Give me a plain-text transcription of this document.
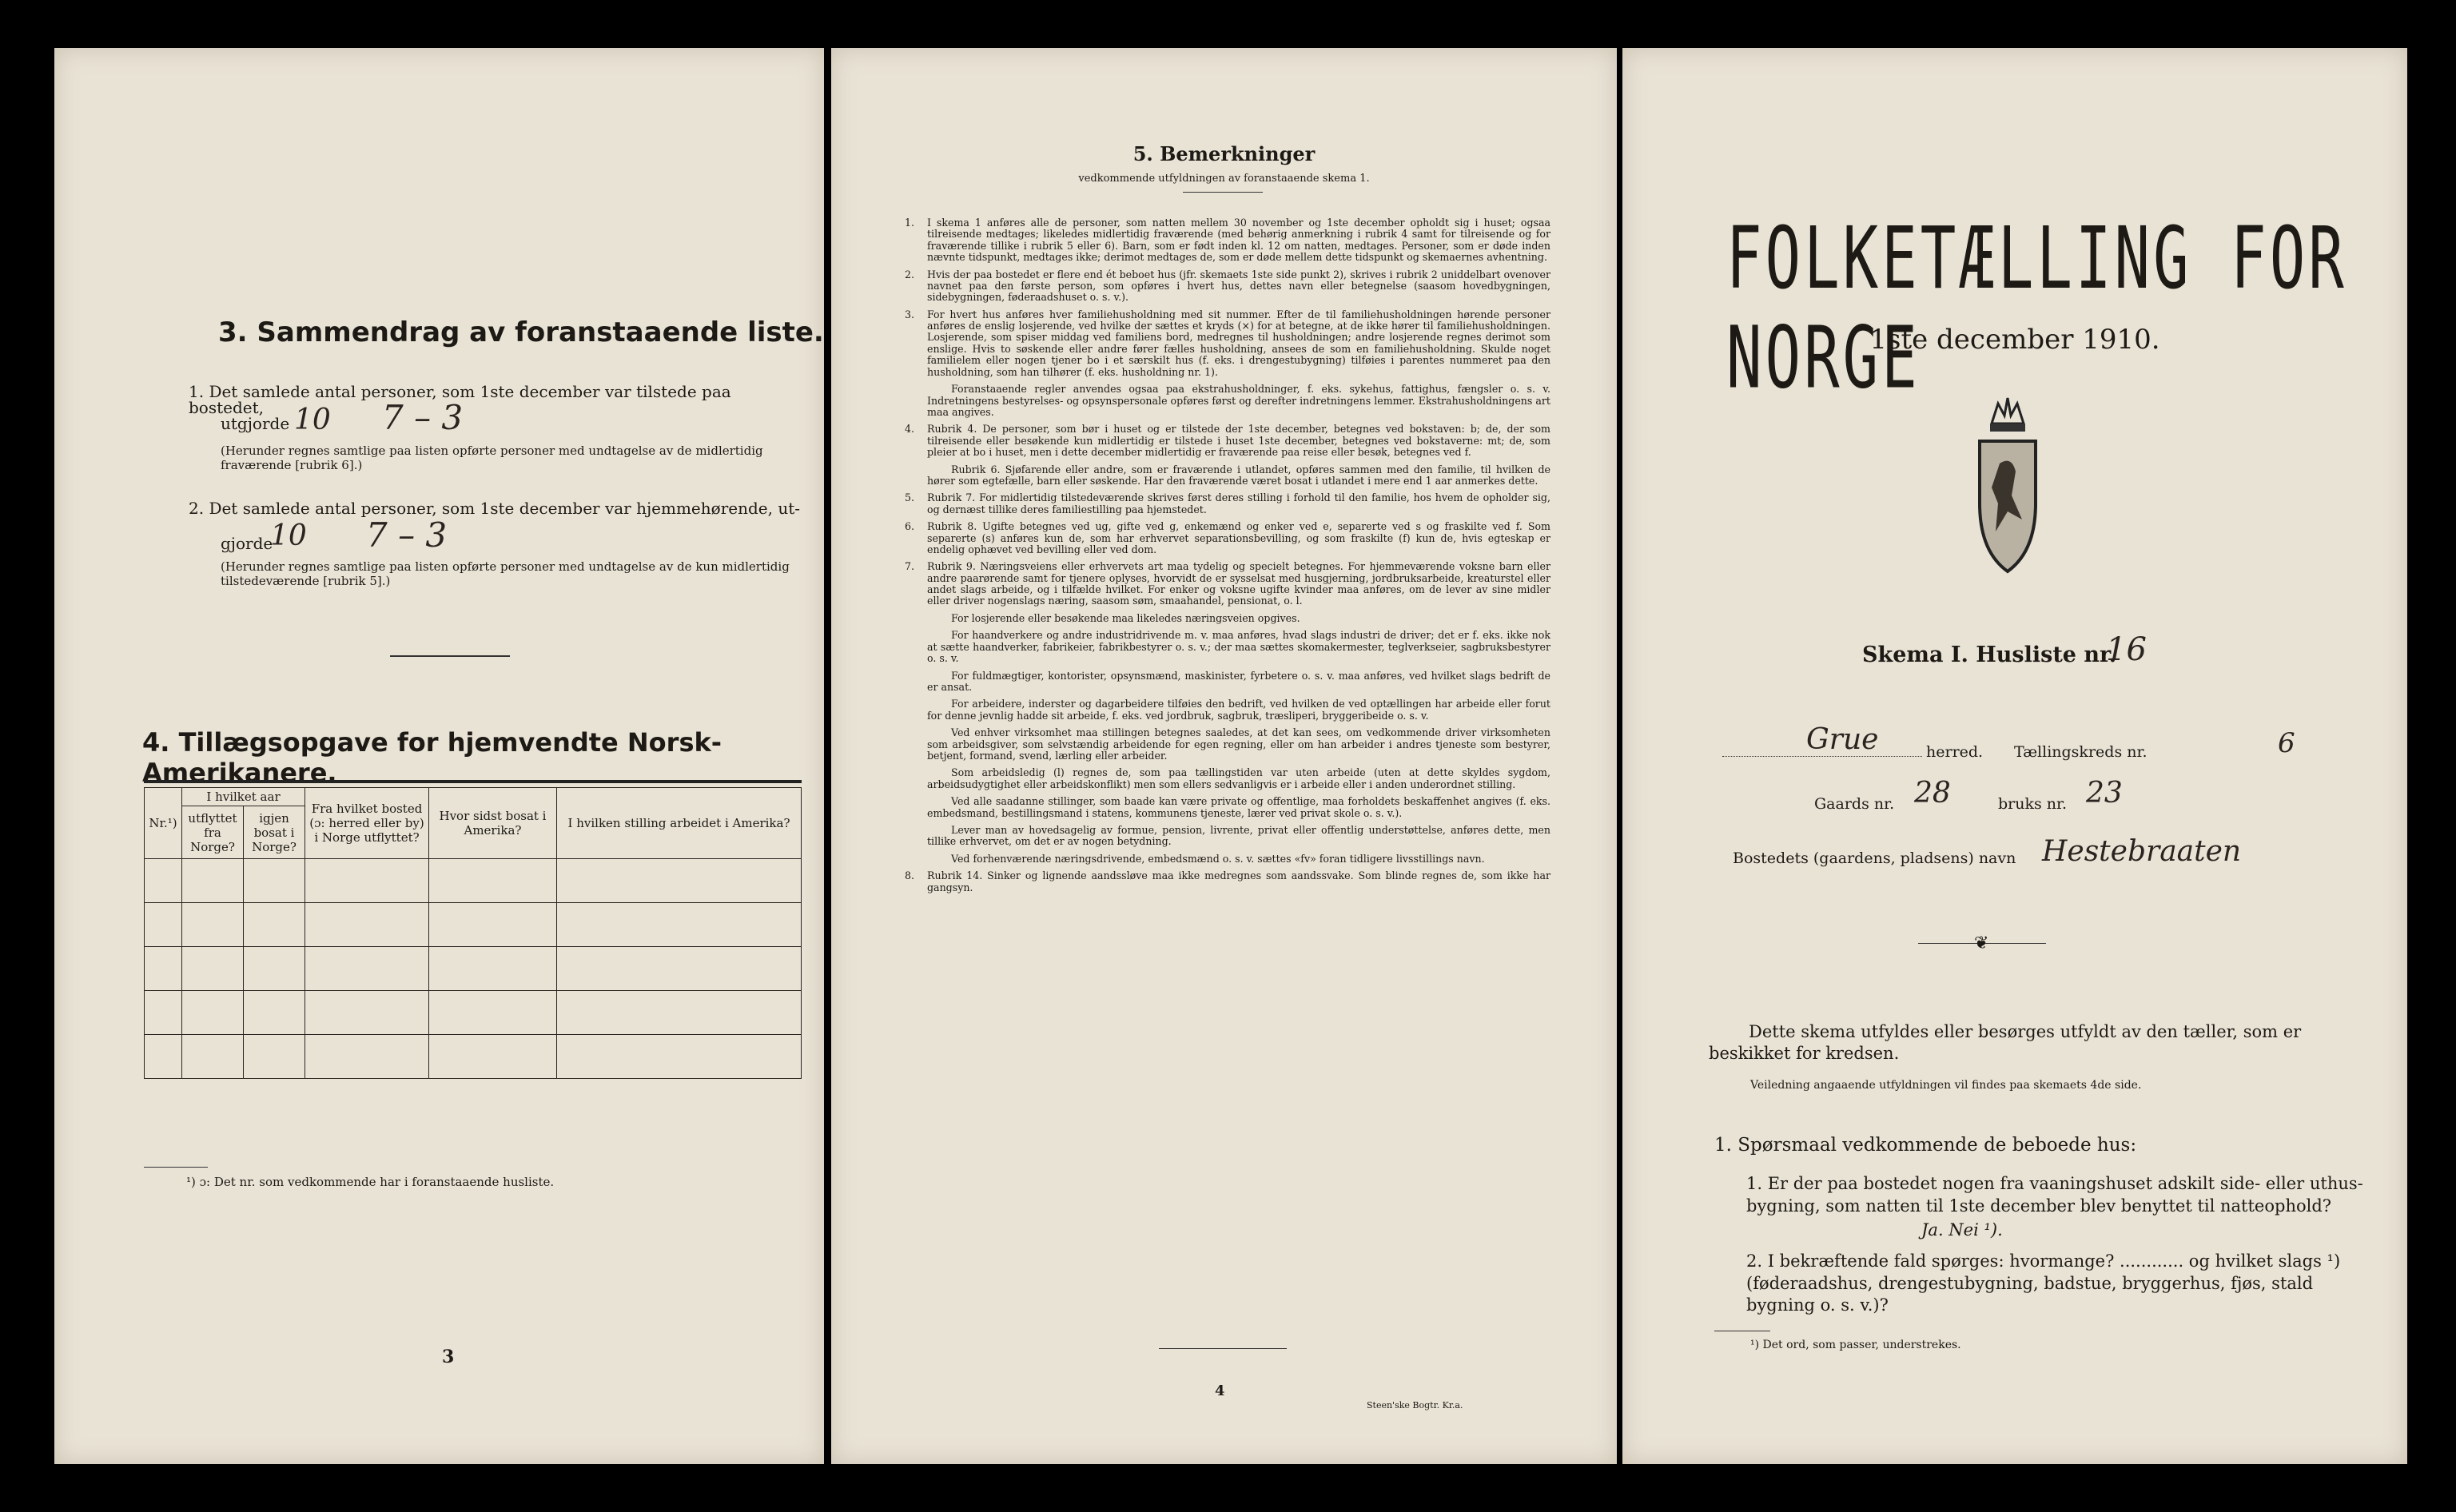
3. Sammendrag av foranstaaende liste.
1. Det samlede antal personer, som 1ste december var tilstede paa bostedet,
utgjorde 10 7 – 3
(Herunder regnes samtlige paa listen opførte personer med undtagelse av de midlertidig fraværende [rubrik 6].)
2. Det samlede antal personer, som 1ste december var hjemmehørende, ut-
gjorde
10 7 – 3
(Herunder regnes samtlige paa listen opførte personer med undtagelse av de kun midlertidig tilstedeværende [rubrik 5].)
4. Tillægsopgave for hjemvendte Norsk-Amerikanere.
Nr.¹)	I hvilket aar		Fra hvilket bosted (ɔ: herred eller by) i Norge utflyttet?	Hvor sidst bosat i Amerika?	I hvilken stilling arbeidet i Amerika?
	utflyttet fra Norge?	igjen bosat i Norge?			

¹) ɔ: Det nr. som vedkommende har i foranstaaende husliste.
3
5. Bemerkninger
vedkommende utfyldningen av foranstaaende skema 1.
1. I skema 1 anføres alle de personer, som natten mellem 30 november og 1ste december opholdt sig i huset; ogsaa tilreisende medtages; likeledes midlertidig fraværende (med behørig anmerkning i rubrik 4 samt for tilreisende og for fraværende tillike i rubrik 5 eller 6). Barn, som er født inden kl. 12 om natten, medtages. Personer, som er døde inden nævnte tidspunkt, medtages ikke; derimot medtages de, som er døde mellem dette tidspunkt og skemaernes avhentning.

2. Hvis der paa bostedet er flere end ét beboet hus (jfr. skemaets 1ste side punkt 2), skrives i rubrik 2 uniddelbart ovenover navnet paa den første person, som opføres i hvert hus, dettes navn eller betegnelse (saasom hovedbygningen, sidebygningen, føderaadshuset o. s. v.).

3. For hvert hus anføres hver familiehusholdning med sit nummer. Efter de til familiehusholdningen hørende personer anføres de enslig losjerende, ved hvilke der sættes et kryds (×) for at betegne, at de ikke hører til familiehusholdningen. Losjerende, som spiser middag ved familiens bord, medregnes til husholdningen; andre losjerende regnes derimot som enslige. Hvis to søskende eller andre fører fælles husholdning, ansees de som en familiehusholdning. Skulde noget familielem eller nogen tjener bo i et særskilt hus (f. eks. i drengestubygning) tilføies i parentes nummeret paa den husholdning, som han tilhører (f. eks. husholdning nr. 1).

Foranstaaende regler anvendes ogsaa paa ekstrahusholdninger, f. eks. sykehus, fattighus, fængsler o. s. v. Indretningens bestyrelses- og opsynspersonale opføres først og derefter indretningens lemmer. Ekstrahusholdningens art maa angives.

4. Rubrik 4. De personer, som bør i huset og er tilstede der 1ste december, betegnes ved bokstaven: b; de, der som tilreisende eller besøkende kun midlertidig er tilstede i huset 1ste december, betegnes ved bokstaverne: mt; de, som pleier at bo i huset, men i dette december midlertidig er fraværende paa reise eller besøk, betegnes ved f.

Rubrik 6. Sjøfarende eller andre, som er fraværende i utlandet, opføres sammen med den familie, til hvilken de hører som egtefælle, barn eller søskende. Har den fraværende været bosat i utlandet i mere end 1 aar anmerkes dette.

5. Rubrik 7. For midlertidig tilstedeværende skrives først deres stilling i forhold til den familie, hos hvem de opholder sig, og dernæst tillike deres familiestilling paa hjemstedet.

6. Rubrik 8. Ugifte betegnes ved ug, gifte ved g, enkemænd og enker ved e, separerte ved s og fraskilte ved f. Som separerte (s) anføres kun de, som har erhvervet separationsbevilling, og som fraskilte (f) kun de, hvis egteskap er endelig ophævet ved bevilling eller ved dom.

7. Rubrik 9. Næringsveiens eller erhvervets art maa tydelig og specielt betegnes. For hjemmeværende voksne barn eller andre paarørende samt for tjenere oplyses, hvorvidt de er sysselsat med husgjerning, jordbruksarbeide, kreaturstel eller andet slags arbeide, og i tilfælde hvilket. For enker og voksne ugifte kvinder maa anføres, om de lever av sine midler eller driver nogenslags næring, saasom søm, smaahandel, pensionat, o. l.

For losjerende eller besøkende maa likeledes næringsveien opgives.

For haandverkere og andre industridrivende m. v. maa anføres, hvad slags industri de driver; det er f. eks. ikke nok at sætte haandverker, fabrikeier, fabrikbestyrer o. s. v.; der maa sættes skomakermester, teglverkseier, sagbruksbestyrer o. s. v.

For fuldmægtiger, kontorister, opsynsmænd, maskinister, fyrbetere o. s. v. maa anføres, ved hvilket slags bedrift de er ansat.

For arbeidere, inderster og dagarbeidere tilføies den bedrift, ved hvilken de ved optællingen har arbeide eller forut for denne jevnlig hadde sit arbeide, f. eks. ved jordbruk, sagbruk, træsliperi, bryggeribeide o. s. v.

Ved enhver virksomhet maa stillingen betegnes saaledes, at det kan sees, om vedkommende driver virksomheten som arbeidsgiver, som selvstændig arbeidende for egen regning, eller om han arbeider i andres tjeneste som bestyrer, betjent, formand, svend, lærling eller arbeider.

Som arbeidsledig (l) regnes de, som paa tællingstiden var uten arbeide (uten at dette skyldes sygdom, arbeidsudygtighet eller arbeidskonflikt) men som ellers sedvanligvis er i arbeide eller i anden underordnet stilling.

Ved alle saadanne stillinger, som baade kan være private og offentlige, maa forholdets beskaffenhet angives (f. eks. embedsmand, bestillingsmand i statens, kommunens tjeneste, lærer ved privat skole o. s. v.).

Lever man av hovedsagelig av formue, pension, livrente, privat eller offentlig understøttelse, anføres dette, men tillike erhvervet, om det er av nogen betydning.

Ved forhenværende næringsdrivende, embedsmænd o. s. v. sættes «fv» foran tidligere livsstillings navn.

8. Rubrik 14. Sinker og lignende aandssløve maa ikke medregnes som aandssvake. Som blinde regnes de, som ikke har gangsyn.

4
Steen'ske Bogtr. Kr.a.
FOLKETÆLLING FOR NORGE
1ste december 1910.
Skema I. Husliste nr.
16
Grue	herred. Tællingskreds nr.	6
Gaards nr. 28	bruks nr. 23
Bostedets (gaardens, pladsens) navn Hestebraaten
❦
Dette skema utfyldes eller besørges utfyldt av den tæller, som er beskikket for kredsen.
Veiledning angaaende utfyldningen vil findes paa skemaets 4de side.
1. Spørsmaal vedkommende de beboede hus:
1. Er der paa bostedet nogen fra vaaningshuset adskilt side- eller uthus-bygning, som natten til 1ste december blev benyttet til natteophold?
Ja. Nei ¹).
2. I bekræftende fald spørges: hvormange? ............ og hvilket slags ¹) (føderaadshus, drengestubygning, badstue, bryggerhus, fjøs, stald bygning o. s. v.)?
¹) Det ord, som passer, understrekes.
